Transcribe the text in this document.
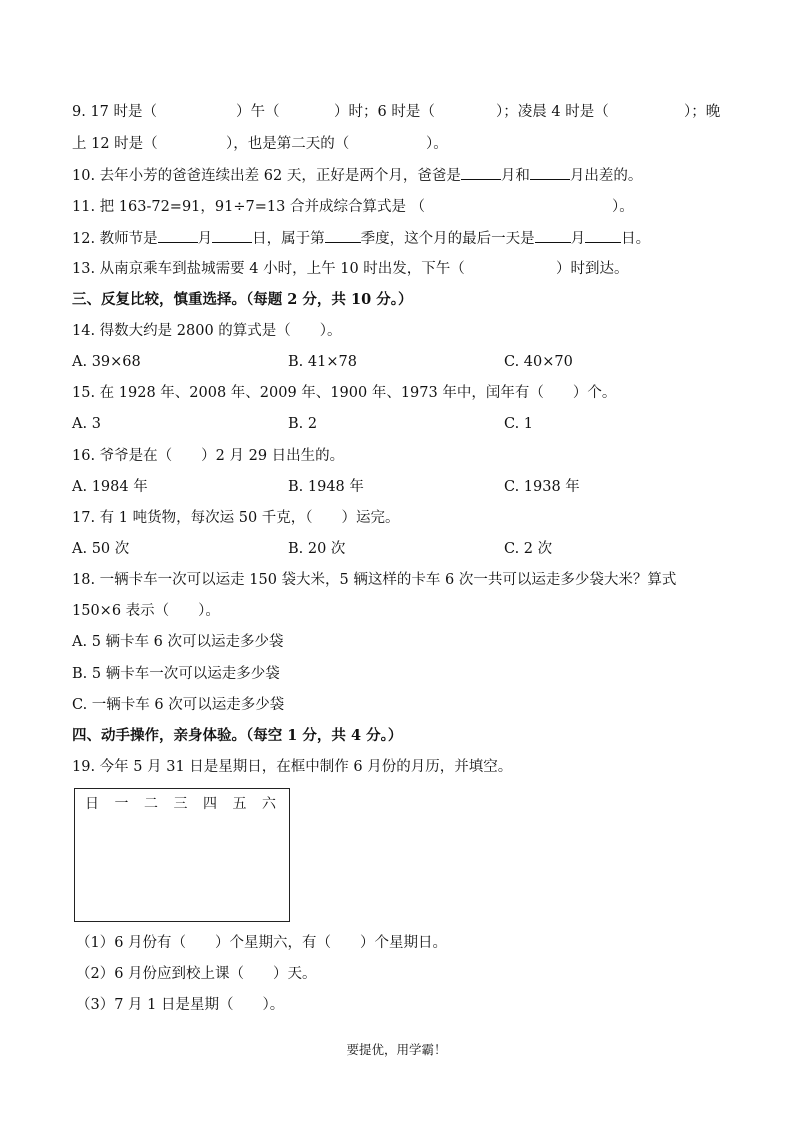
9. 17 时是（	）午（	）时；6 时是（	）；凌晨 4 时是（	）；晚
上 12 时是（	），也是第二天的（	）。
10. 去年小芳的爸爸连续出差 62 天，正好是两个月，爸爸是	月和	月出差的。
11. 把 163-72=91，91÷7=13 合并成综合算式是 （	）。
12. 教师节是	月	日，属于第 季度，这个月的最后一天是 月 日。
13. 从南京乘车到盐城需要 4 小时，上午 10 时出发，下午（	）时到达。
三、反复比较，慎重选择。（每题 2 分，共 10 分。）
14. 得数大约是 2800 的算式是（　　）。
A. 39×68	B. 41×78	C. 40×70
15. 在 1928 年、2008 年、2009 年、1900 年、1973 年中，闰年有（　　）个。
A. 3	B. 2	C. 1
16. 爷爷是在（　　）2 月 29 日出生的。
A. 1984 年	B. 1948 年	C. 1938 年
17. 有 1 吨货物，每次运 50 千克，（　　）运完。
A. 50 次	B. 20 次	C. 2 次
18. 一辆卡车一次可以运走 150 袋大米，5 辆这样的卡车 6 次一共可以运走多少袋大米？算式
150×6 表示（　　）。
A. 5 辆卡车 6 次可以运走多少袋
B. 5 辆卡车一次可以运走多少袋
C. 一辆卡车 6 次可以运走多少袋
四、动手操作，亲身体验。（每空 1 分，共 4 分。）
19. 今年 5 月 31 日是星期日，在框中制作 6 月份的月历，并填空。
日	一	二	三	四	五	六
（1）6 月份有（　　）个星期六，有（　　）个星期日。
（2）6 月份应到校上课（　　）天。
（3）7 月 1 日是星期（　　）。
要提优，用学霸！
